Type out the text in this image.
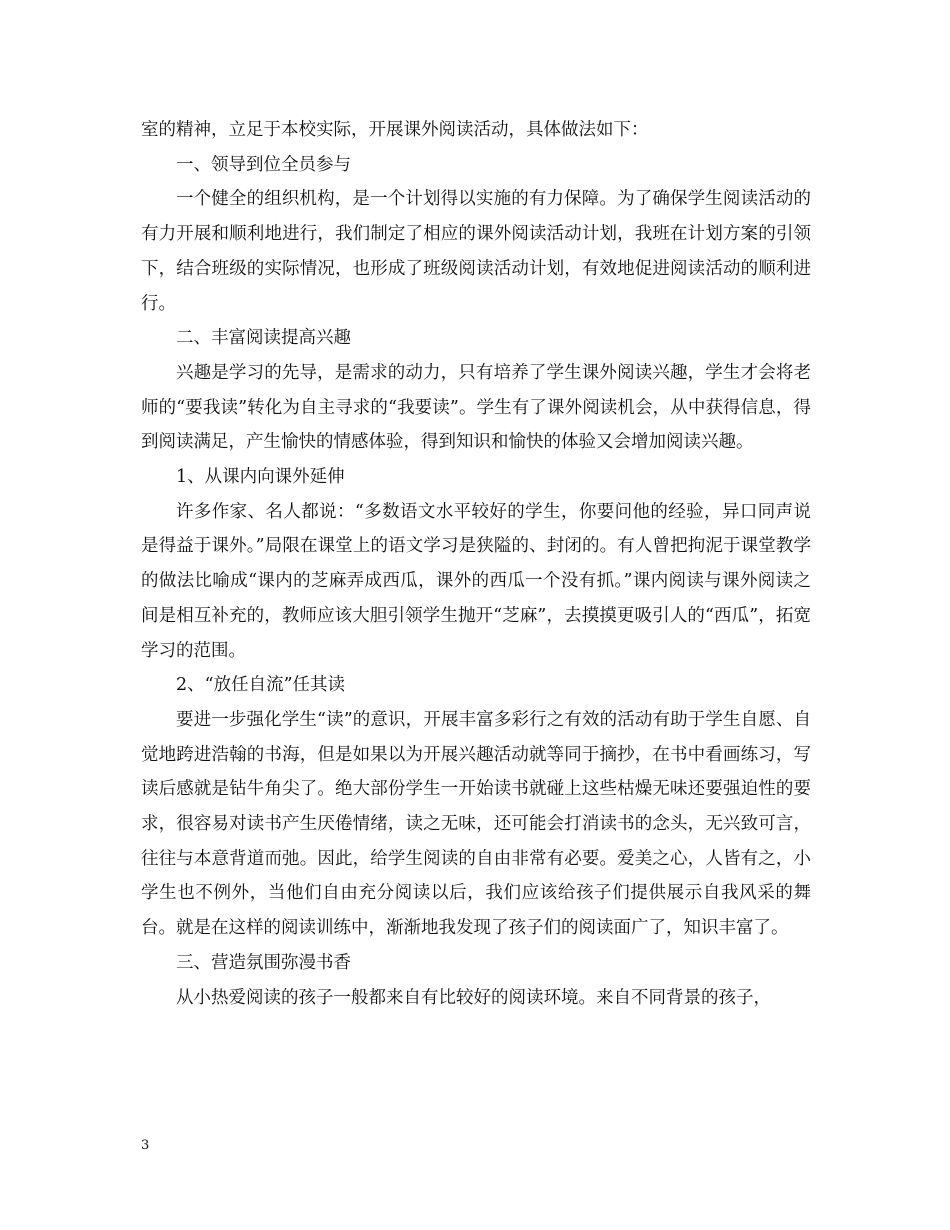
室的精神，立足于本校实际，开展课外阅读活动，具体做法如下：

一、领导到位全员参与

一个健全的组织机构，是一个计划得以实施的有力保障。为了确保学生阅读活动的有力开展和顺利地进行，我们制定了相应的课外阅读活动计划，我班在计划方案的引领下，结合班级的实际情况，也形成了班级阅读活动计划，有效地促进阅读活动的顺利进行。

二、丰富阅读提高兴趣

兴趣是学习的先导，是需求的动力，只有培养了学生课外阅读兴趣，学生才会将老师的“要我读”转化为自主寻求的“我要读”。学生有了课外阅读机会，从中获得信息，得到阅读满足，产生愉快的情感体验，得到知识和愉快的体验又会增加阅读兴趣。

1、从课内向课外延伸

许多作家、名人都说：“多数语文水平较好的学生，你要问他的经验，异口同声说是得益于课外。”局限在课堂上的语文学习是狭隘的、封闭的。有人曾把拘泥于课堂教学的做法比喻成“课内的芝麻弄成西瓜，课外的西瓜一个没有抓。”课内阅读与课外阅读之间是相互补充的，教师应该大胆引领学生抛开“芝麻”，去摸摸更吸引人的“西瓜”，拓宽学习的范围。

2、“放任自流”任其读

要进一步强化学生“读”的意识，开展丰富多彩行之有效的活动有助于学生自愿、自觉地跨进浩翰的书海，但是如果以为开展兴趣活动就等同于摘抄，在书中看画练习，写读后感就是钻牛角尖了。绝大部份学生一开始读书就碰上这些枯燥无味还要强迫性的要求，很容易对读书产生厌倦情绪，读之无味，还可能会打消读书的念头，无兴致可言，往往与本意背道而弛。因此，给学生阅读的自由非常有必要。爱美之心，人皆有之，小学生也不例外，当他们自由充分阅读以后，我们应该给孩子们提供展示自我风采的舞台。就是在这样的阅读训练中，渐渐地我发现了孩子们的阅读面广了，知识丰富了。

三、营造氛围弥漫书香

从小热爱阅读的孩子一般都来自有比较好的阅读环境。来自不同背景的孩子，

3
